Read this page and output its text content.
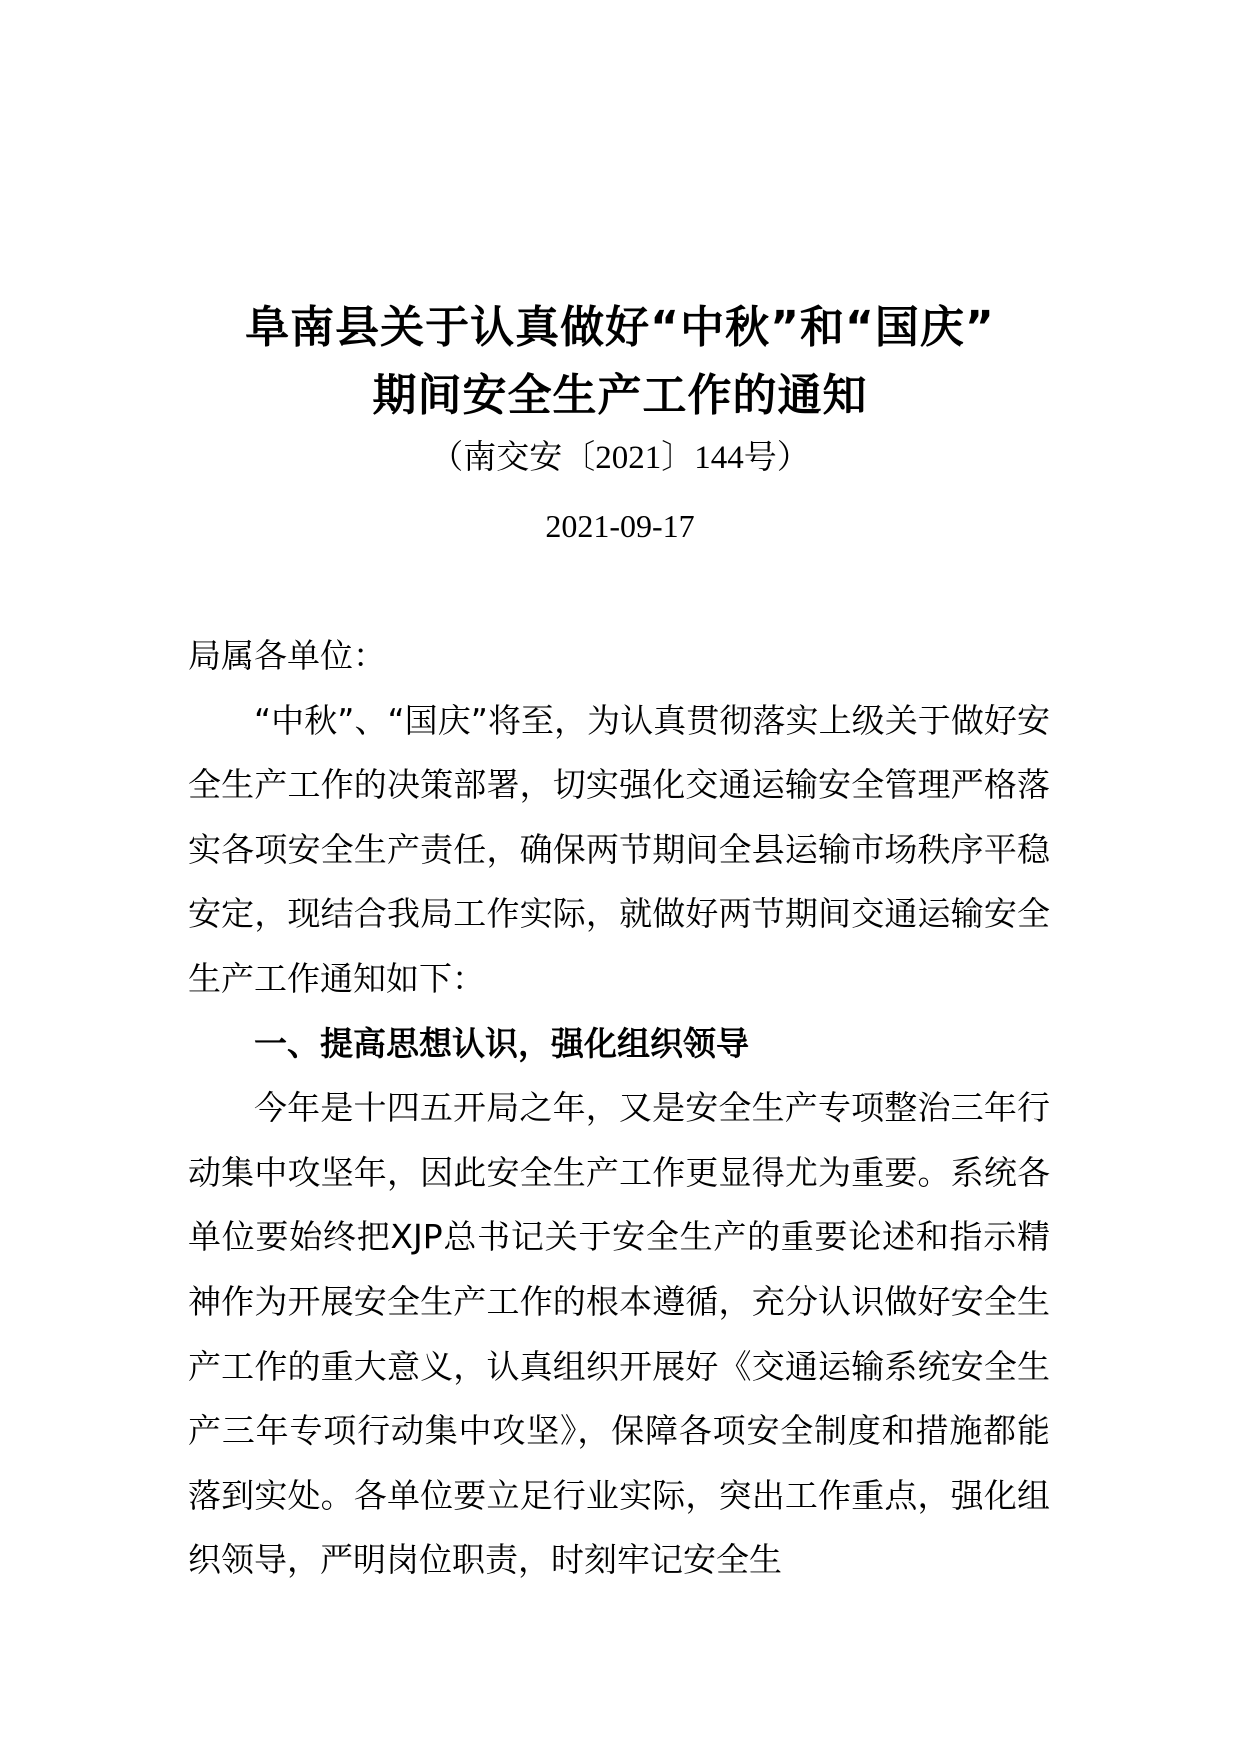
阜南县关于认真做好“中秋”和“国庆”
期间安全生产工作的通知
（南交安〔2021〕144号）
2021-09-17

局属各单位：

“中秋”、“国庆”将至，为认真贯彻落实上级关于做好安全生产工作的决策部署，切实强化交通运输安全管理严格落实各项安全生产责任，确保两节期间全县运输市场秩序平稳安定，现结合我局工作实际，就做好两节期间交通运输安全生产工作通知如下：

一、提高思想认识，强化组织领导

今年是十四五开局之年，又是安全生产专项整治三年行动集中攻坚年，因此安全生产工作更显得尤为重要。系统各单位要始终把XJP总书记关于安全生产的重要论述和指示精神作为开展安全生产工作的根本遵循，充分认识做好安全生产工作的重大意义，认真组织开展好《交通运输系统安全生产三年专项行动集中攻坚》，保障各项安全制度和措施都能落到实处。各单位要立足行业实际，突出工作重点，强化组织领导，严明岗位职责，时刻牢记安全生
